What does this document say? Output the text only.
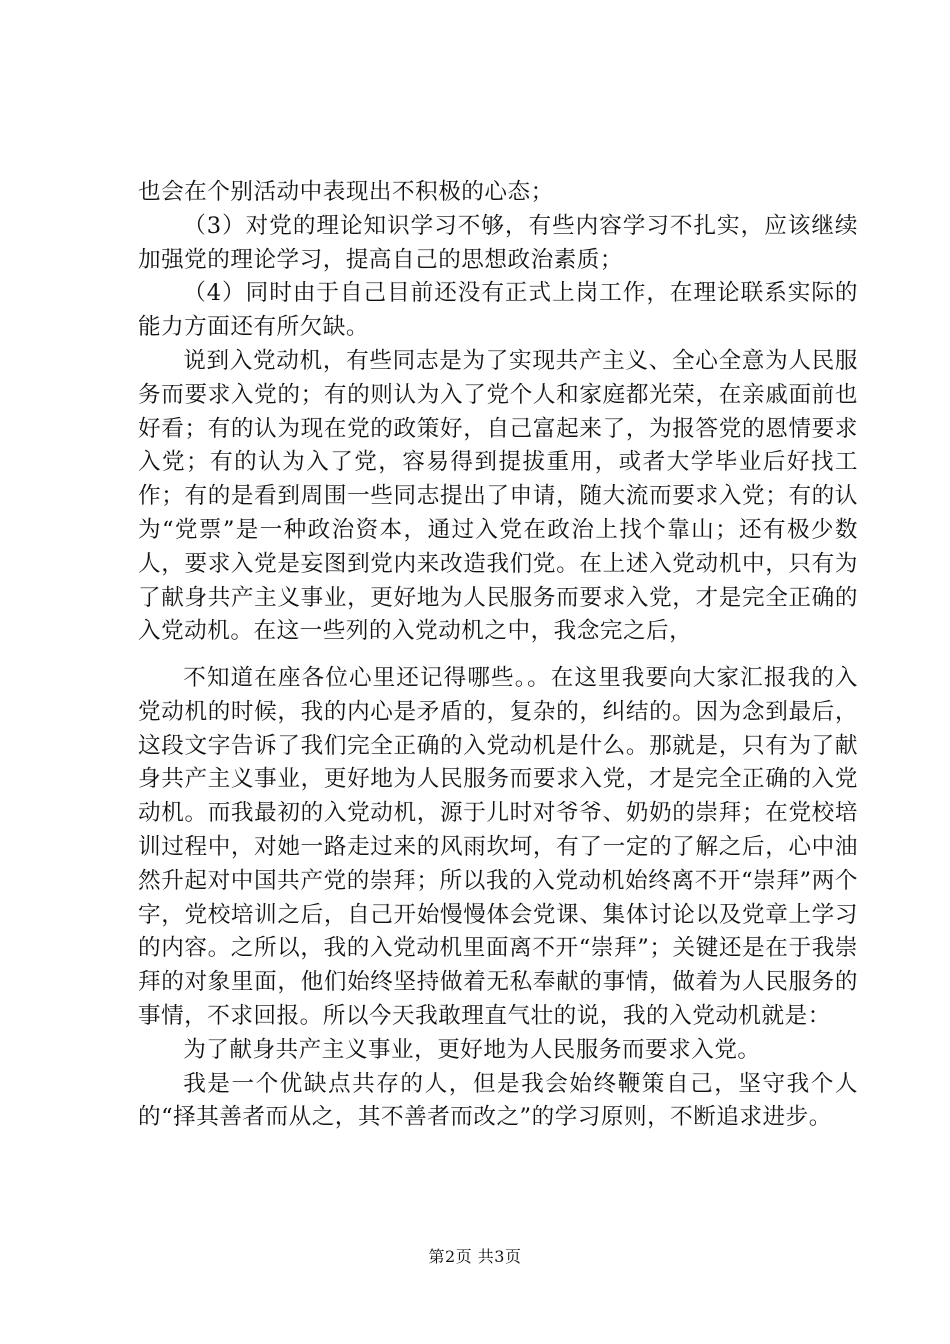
也会在个别活动中表现出不积极的心态；

（3）对党的理论知识学习不够，有些内容学习不扎实，应该继续加强党的理论学习，提高自己的思想政治素质；

（4）同时由于自己目前还没有正式上岗工作，在理论联系实际的能力方面还有所欠缺。

说到入党动机，有些同志是为了实现共产主义、全心全意为人民服务而要求入党的；有的则认为入了党个人和家庭都光荣，在亲戚面前也好看；有的认为现在党的政策好，自己富起来了，为报答党的恩情要求入党；有的认为入了党，容易得到提拔重用，或者大学毕业后好找工作；有的是看到周围一些同志提出了申请，随大流而要求入党；有的认为“党票”是一种政治资本，通过入党在政治上找个靠山；还有极少数人，要求入党是妄图到党内来改造我们党。在上述入党动机中，只有为了献身共产主义事业，更好地为人民服务而要求入党，才是完全正确的入党动机。在这一些列的入党动机之中，我念完之后，

不知道在座各位心里还记得哪些。。在这里我要向大家汇报我的入党动机的时候，我的内心是矛盾的，复杂的，纠结的。因为念到最后，这段文字告诉了我们完全正确的入党动机是什么。那就是，只有为了献身共产主义事业，更好地为人民服务而要求入党，才是完全正确的入党动机。而我最初的入党动机，源于儿时对爷爷、奶奶的崇拜；在党校培训过程中，对她一路走过来的风雨坎坷，有了一定的了解之后，心中油然升起对中国共产党的崇拜；所以我的入党动机始终离不开“崇拜”两个字，党校培训之后，自己开始慢慢体会党课、集体讨论以及党章上学习的内容。之所以，我的入党动机里面离不开“崇拜”；关键还是在于我崇拜的对象里面，他们始终坚持做着无私奉献的事情，做着为人民服务的事情，不求回报。所以今天我敢理直气壮的说，我的入党动机就是：

为了献身共产主义事业，更好地为人民服务而要求入党。

我是一个优缺点共存的人，但是我会始终鞭策自己，坚守我个人的“择其善者而从之，其不善者而改之”的学习原则，不断追求进步。

第2页 共3页
